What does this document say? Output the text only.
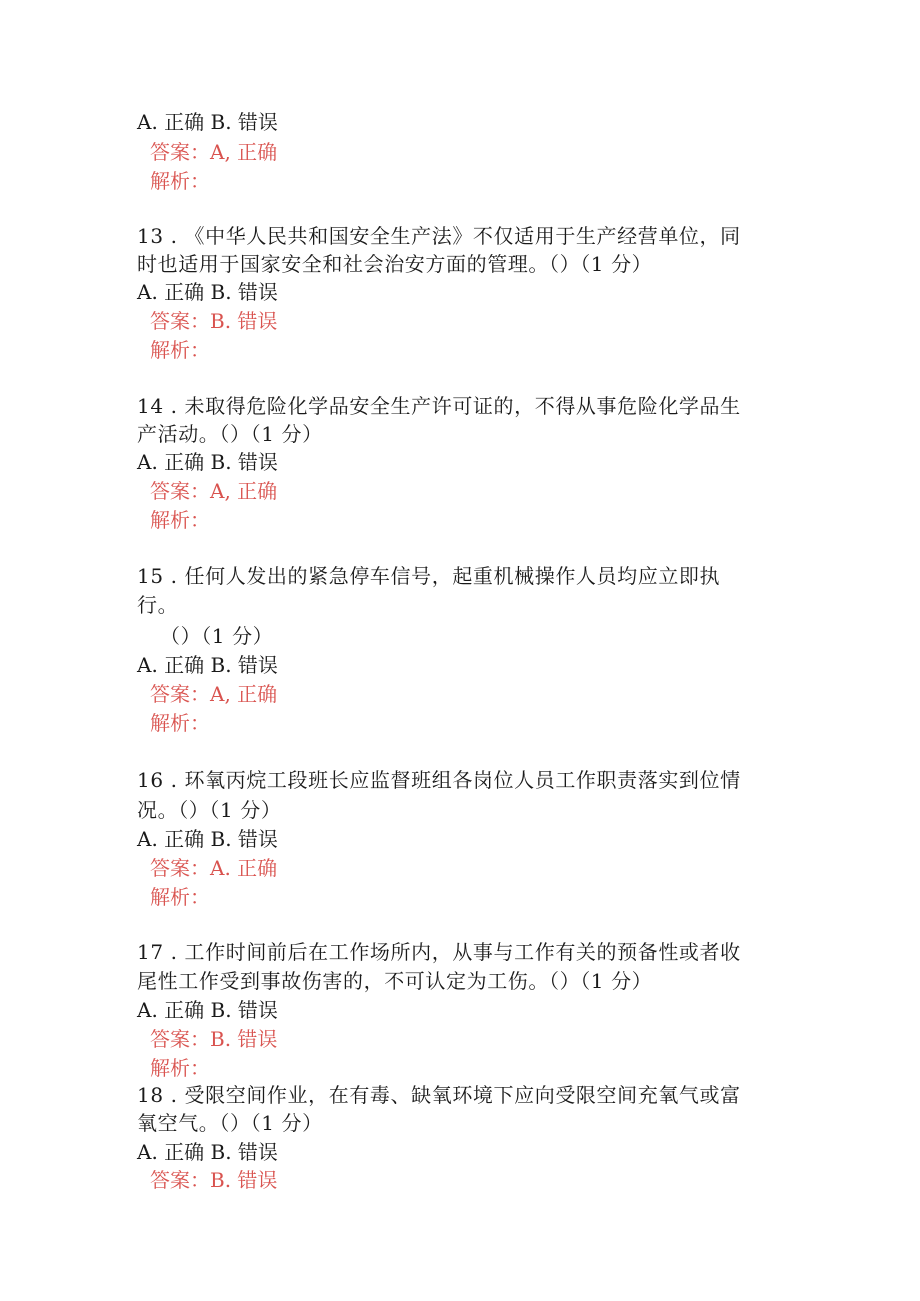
A. 正确 B. 错误
答案：A, 正确
解析：
13 . 《中华人民共和国安全生产法》不仅适用于生产经营单位，同
时也适用于国家安全和社会治安方面的管理。（）（1 分）
A. 正确 B. 错误
答案：B. 错误
解析：
14 . 未取得危险化学品安全生产许可证的，不得从事危险化学品生
产活动。（）（1 分）
A. 正确 B. 错误
答案：A, 正确
解析：
15 . 任何人发出的紧急停车信号，起重机械操作人员均应立即执
行。
（）（1 分）
A. 正确 B. 错误
答案：A, 正确
解析：
16 . 环氧丙烷工段班长应监督班组各岗位人员工作职责落实到位情
况。（）（1 分）
A. 正确 B. 错误
答案：A. 正确
解析：
17 . 工作时间前后在工作场所内，从事与工作有关的预备性或者收
尾性工作受到事故伤害的，不可认定为工伤。（）（1 分）
A. 正确 B. 错误
答案：B. 错误
解析：
18 . 受限空间作业，在有毒、缺氧环境下应向受限空间充氧气或富
氧空气。（）（1 分）
A. 正确 B. 错误
答案：B. 错误
